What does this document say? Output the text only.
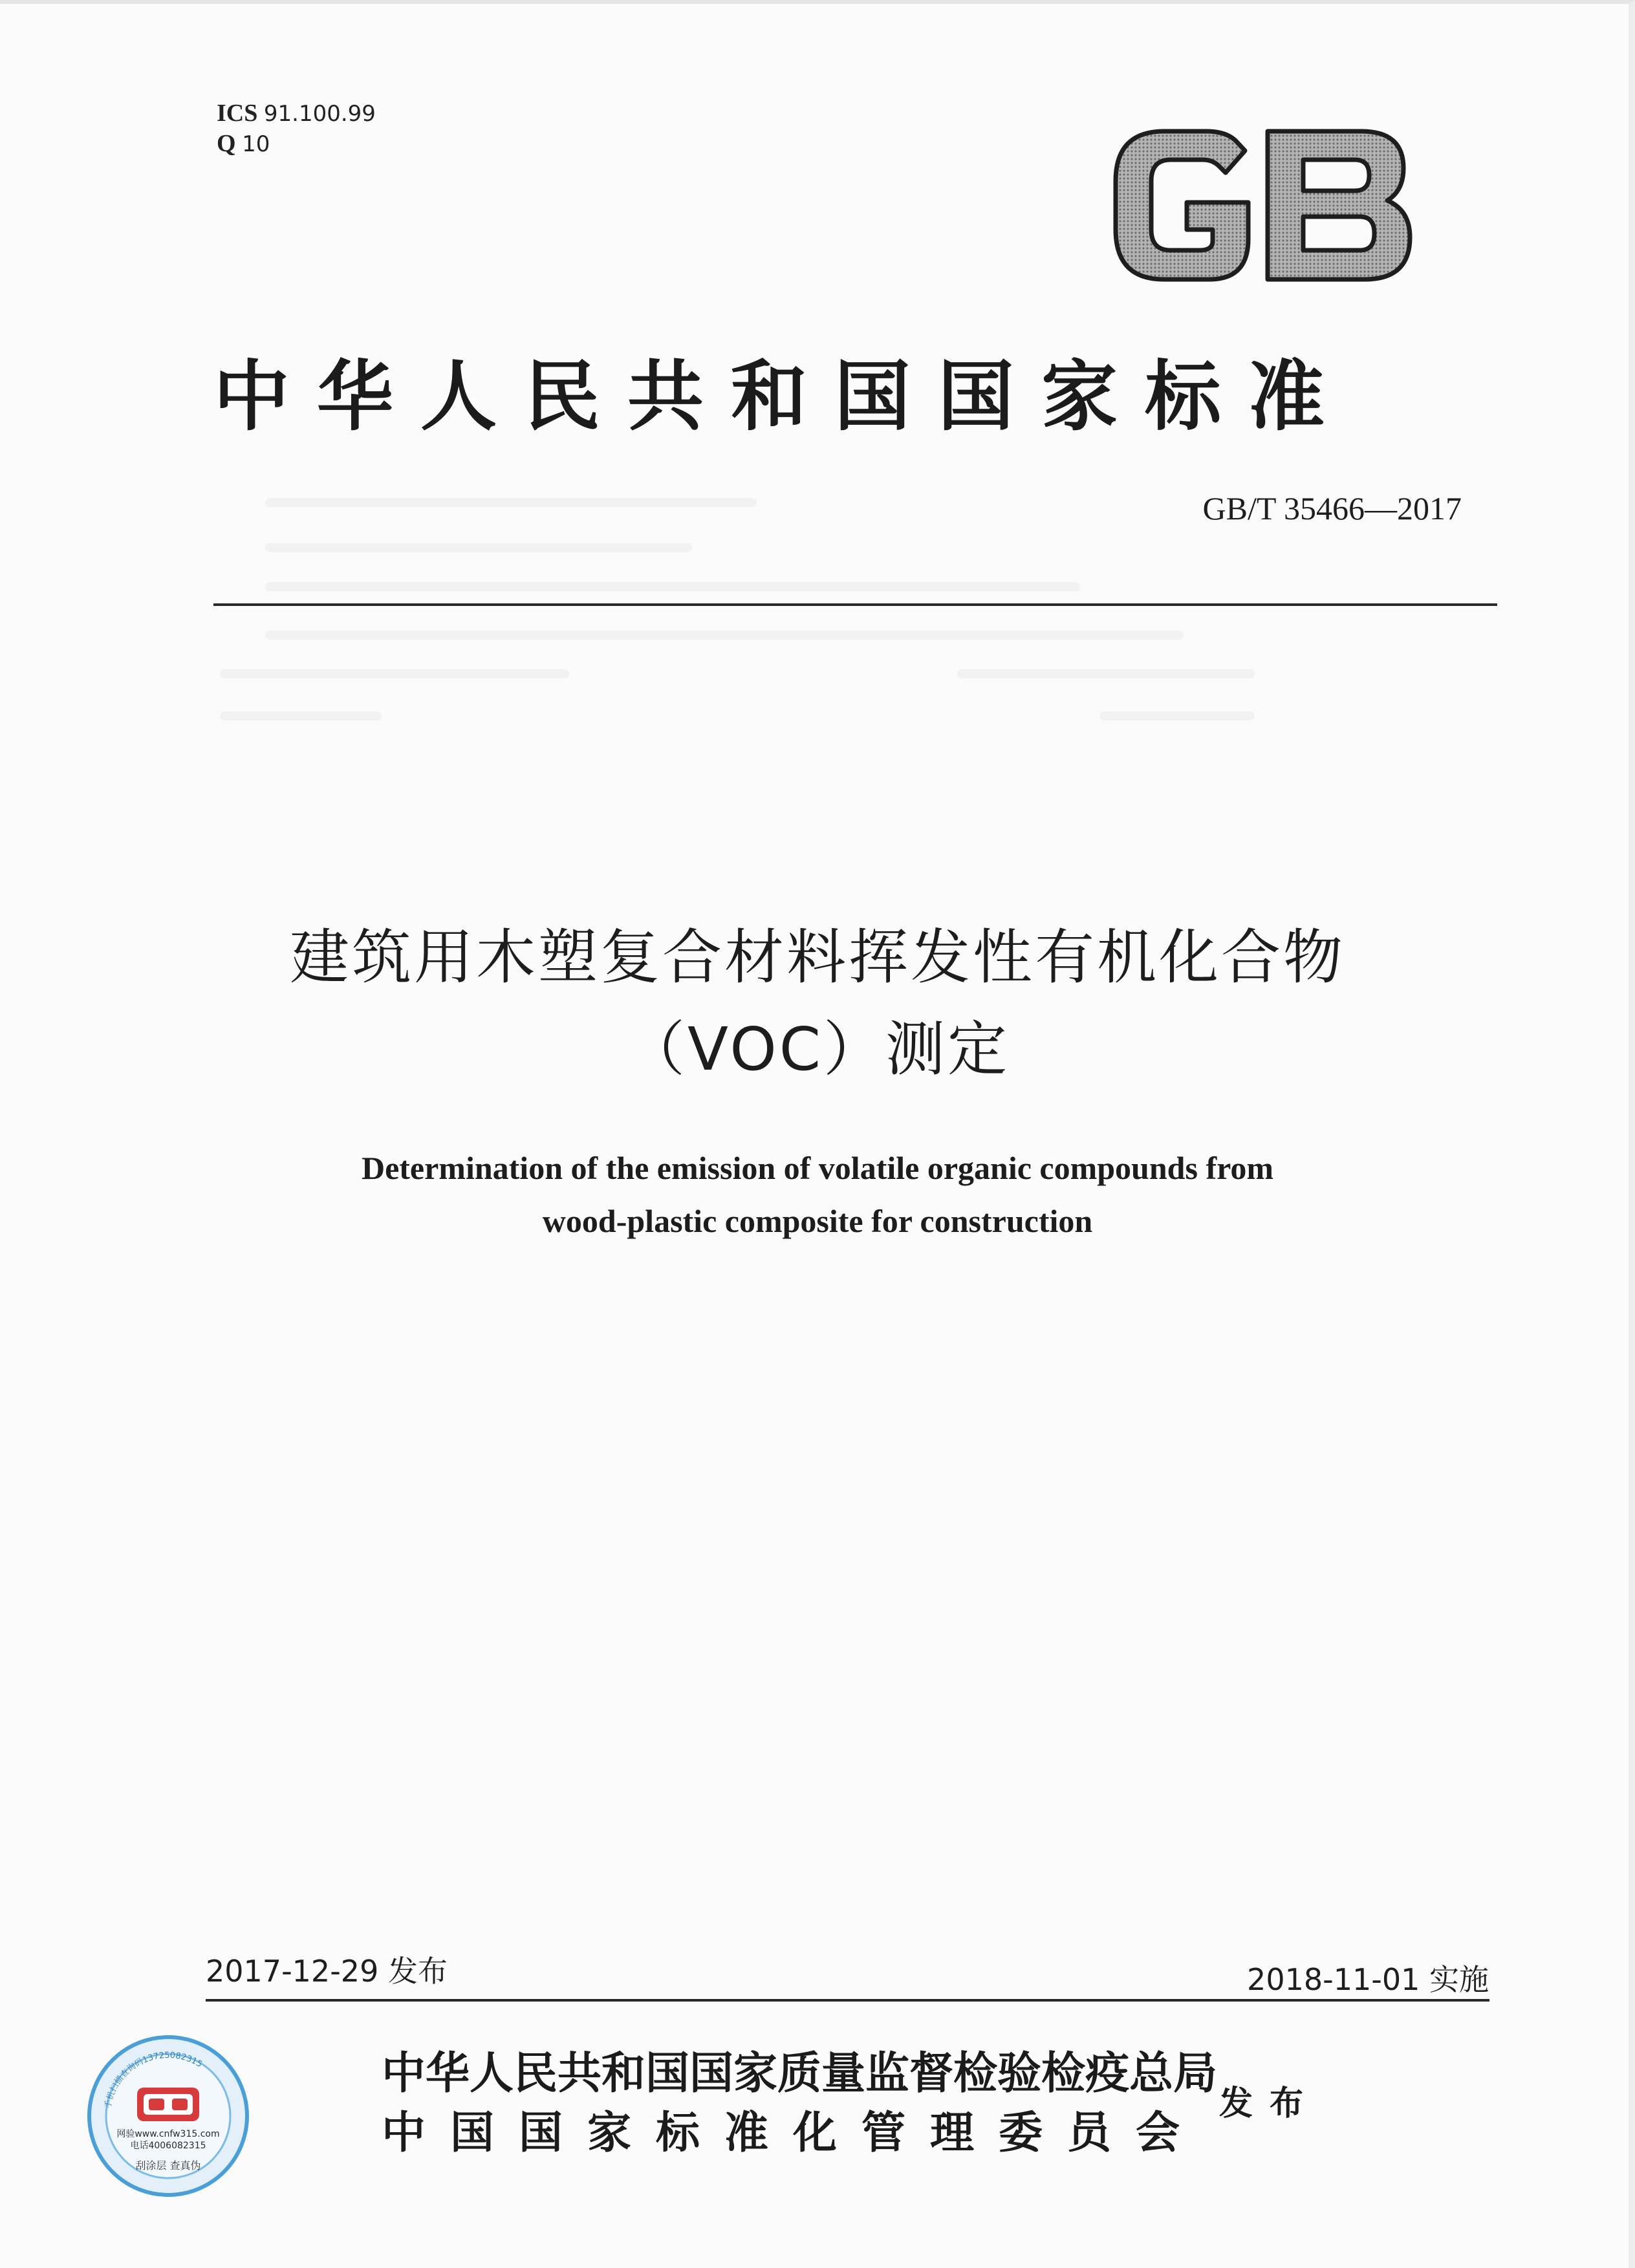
ICS 91.100.99
Q 10
中华人民共和国国家标准
GB/T 35466—2017
建筑用木塑复合材料挥发性有机化合物
（VOC）测定
Determination of the emission of volatile organic compounds from
wood-plastic composite for construction
2017-12-29 发布	2018-11-01 实施
手机扫描查询码13725082315
网验www.cnfw315.com
电话4006082315
刮涂层 查真伪
中华人民共和国国家质量监督检验检疫总局
中国国家标准化管理委员会
发布
